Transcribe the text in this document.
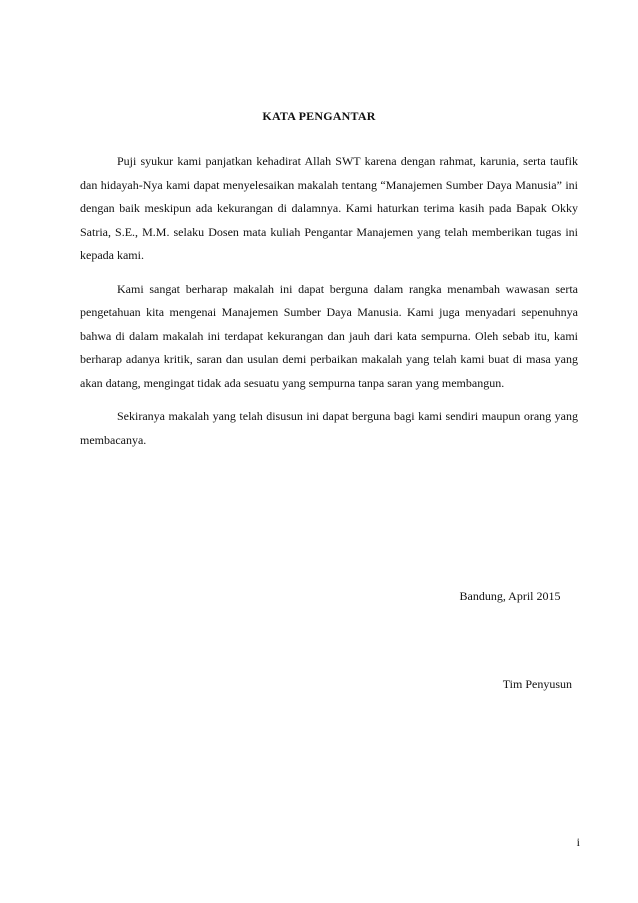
KATA PENGANTAR

Puji syukur kami panjatkan kehadirat Allah SWT karena dengan rahmat, karunia, serta taufik dan hidayah-Nya kami dapat menyelesaikan makalah tentang “Manajemen Sumber Daya Manusia” ini dengan baik meskipun ada kekurangan di dalamnya. Kami haturkan terima kasih pada Bapak Okky Satria, S.E., M.M. selaku Dosen mata kuliah Pengantar Manajemen yang telah memberikan tugas ini kepada kami.

Kami sangat berharap makalah ini dapat berguna dalam rangka menambah wawasan serta pengetahuan kita mengenai Manajemen Sumber Daya Manusia. Kami juga menyadari sepenuhnya bahwa di dalam makalah ini terdapat kekurangan dan jauh dari kata sempurna. Oleh sebab itu, kami berharap adanya kritik, saran dan usulan demi perbaikan makalah yang telah kami buat di masa yang akan datang, mengingat tidak ada sesuatu yang sempurna tanpa saran yang membangun.

Sekiranya makalah yang telah disusun ini dapat berguna bagi kami sendiri maupun orang yang membacanya.

Bandung, April 2015
Tim Penyusun
i
